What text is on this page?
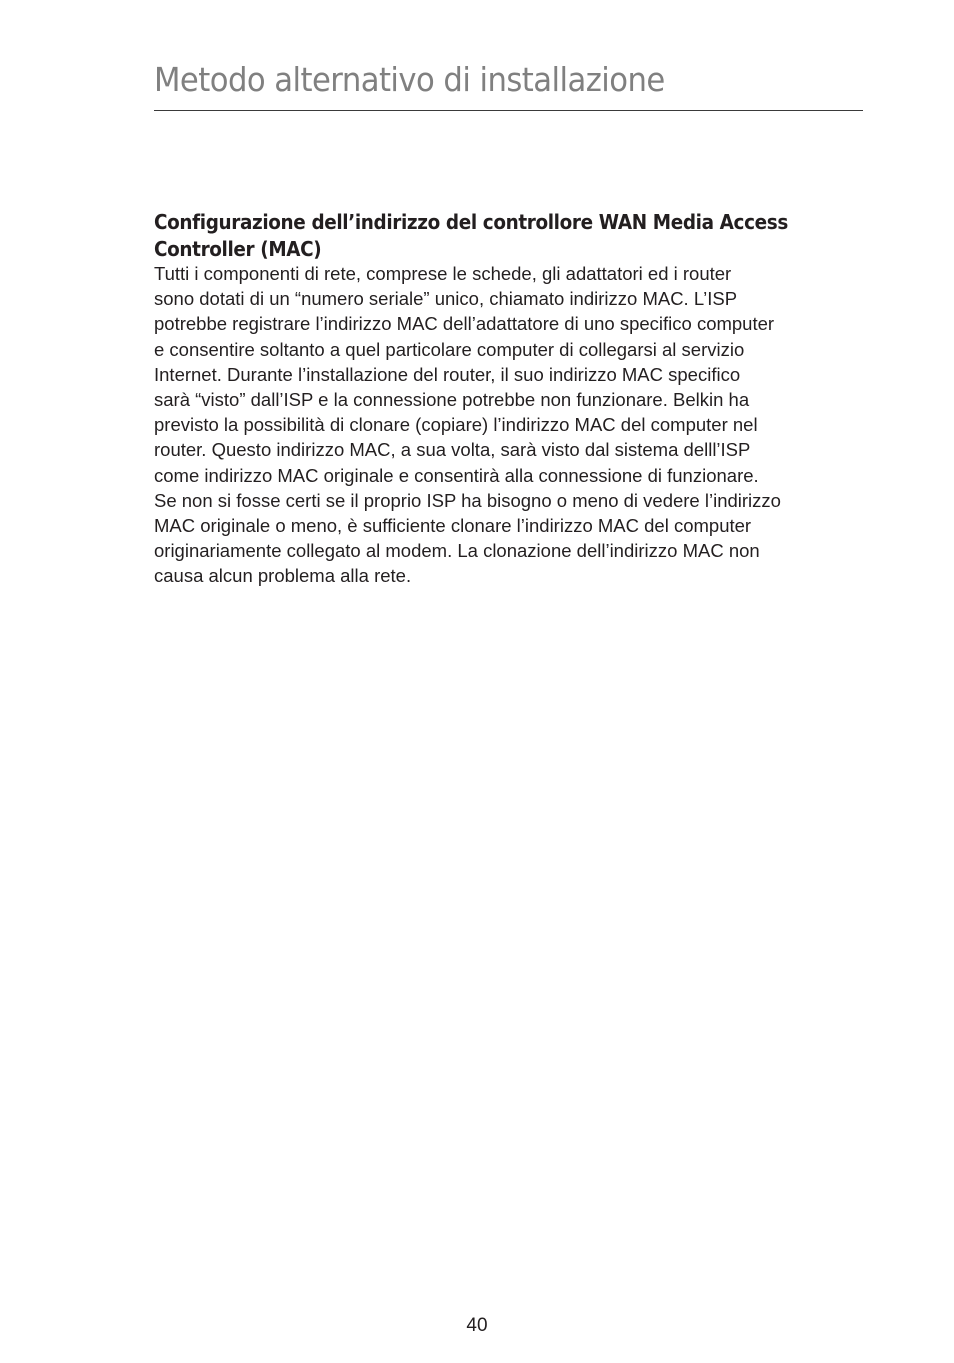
Metodo alternativo di installazione
Configurazione dell’indirizzo del controllore WAN Media Access Controller (MAC)

Tutti i componenti di rete, comprese le schede, gli adattatori ed i router
sono dotati di un “numero seriale” unico, chiamato indirizzo MAC. L’ISP
potrebbe registrare l’indirizzo MAC dell’adattatore di uno specifico computer
e consentire soltanto a quel particolare computer di collegarsi al servizio
Internet. Durante l’installazione del router, il suo indirizzo MAC specifico
sarà “visto” dall’ISP e la connessione potrebbe non funzionare. Belkin ha
previsto la possibilità di clonare (copiare) l’indirizzo MAC del computer nel
router. Questo indirizzo MAC, a sua volta, sarà visto dal sistema delll’ISP
come indirizzo MAC originale e consentirà alla connessione di funzionare.
Se non si fosse certi se il proprio ISP ha bisogno o meno di vedere l’indirizzo
MAC originale o meno, è sufficiente clonare l’indirizzo MAC del computer
originariamente collegato al modem. La clonazione dell’indirizzo MAC non
causa alcun problema alla rete.

40
